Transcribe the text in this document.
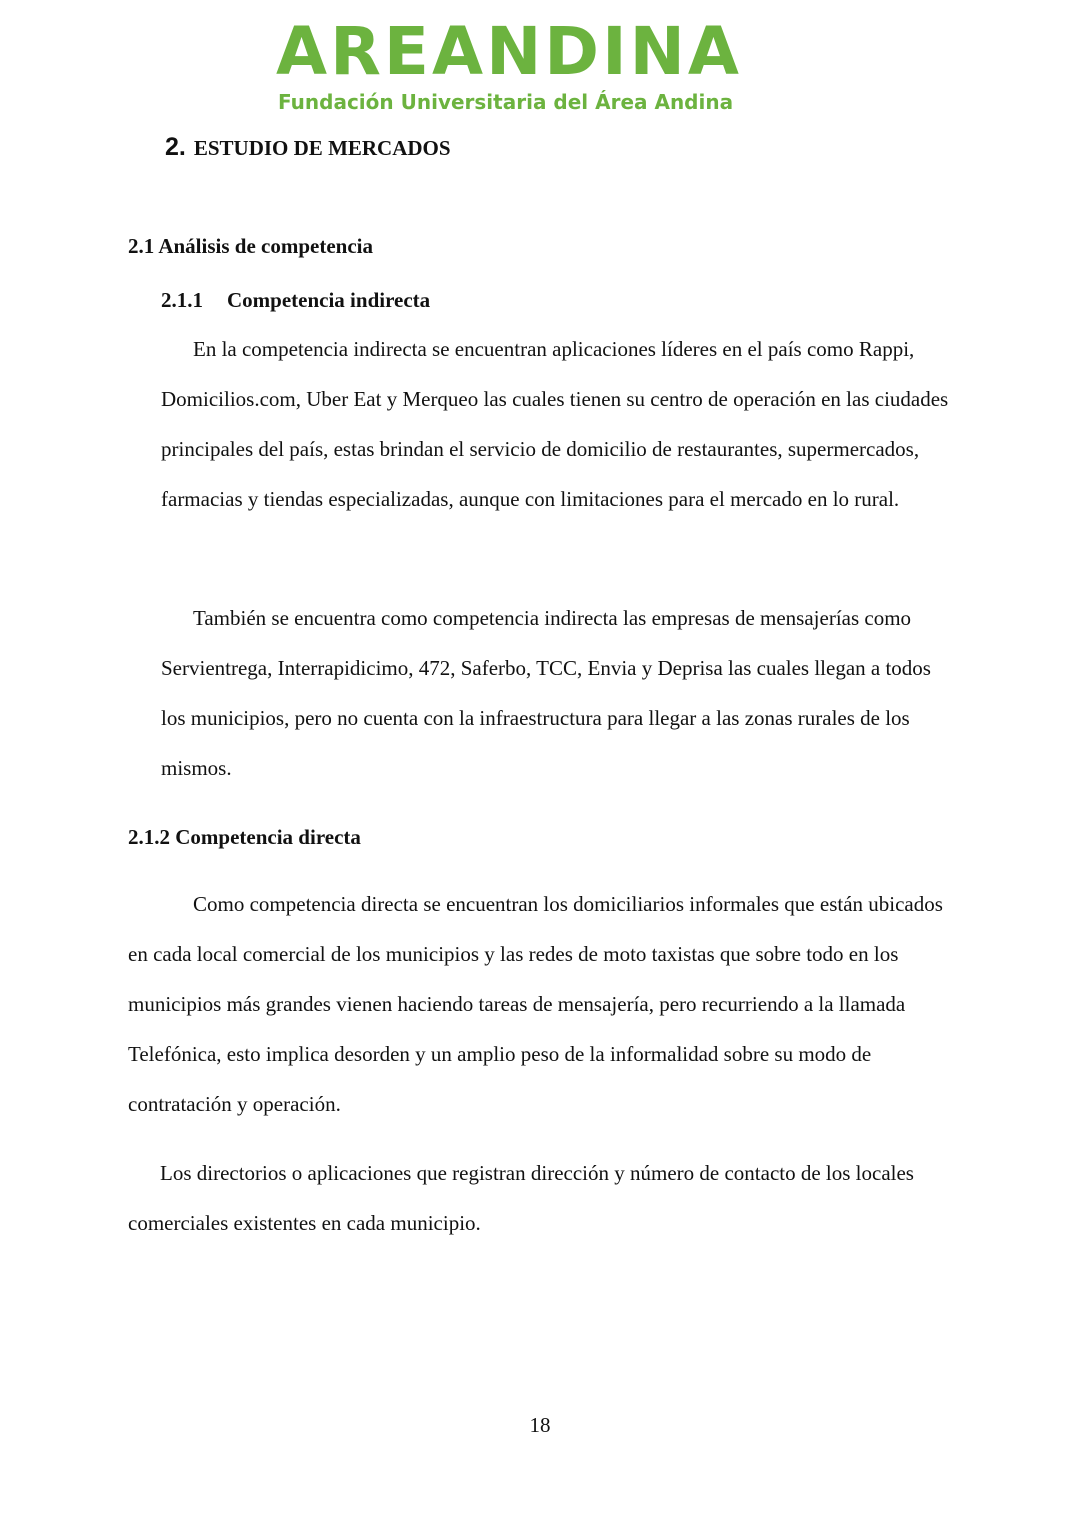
AREANDINA
Fundación Universitaria del Área Andina
2. ESTUDIO DE MERCADOS
2.1 Análisis de competencia
2.1.1 Competencia indirecta

En la competencia indirecta se encuentran aplicaciones líderes en el país como Rappi, Domicilios.com, Uber Eat y Merqueo las cuales tienen su centro de operación en las ciudades principales del país, estas brindan el servicio de domicilio de restaurantes, supermercados, farmacias y tiendas especializadas, aunque con limitaciones para el mercado en lo rural.

También se encuentra como competencia indirecta las empresas de mensajerías como Servientrega, Interrapidicimo, 472, Saferbo, TCC, Envia y Deprisa las cuales llegan a todos los municipios, pero no cuenta con la infraestructura para llegar a las zonas rurales de los mismos.

2.1.2 Competencia directa

Como competencia directa se encuentran los domiciliarios informales que están ubicados en cada local comercial de los municipios y las redes de moto taxistas que sobre todo en los municipios más grandes vienen haciendo tareas de mensajería, pero recurriendo a la llamada Telefónica, esto implica desorden y un amplio peso de la informalidad sobre su modo de contratación y operación.

Los directorios o aplicaciones que registran dirección y número de contacto de los locales comerciales existentes en cada municipio.

18
